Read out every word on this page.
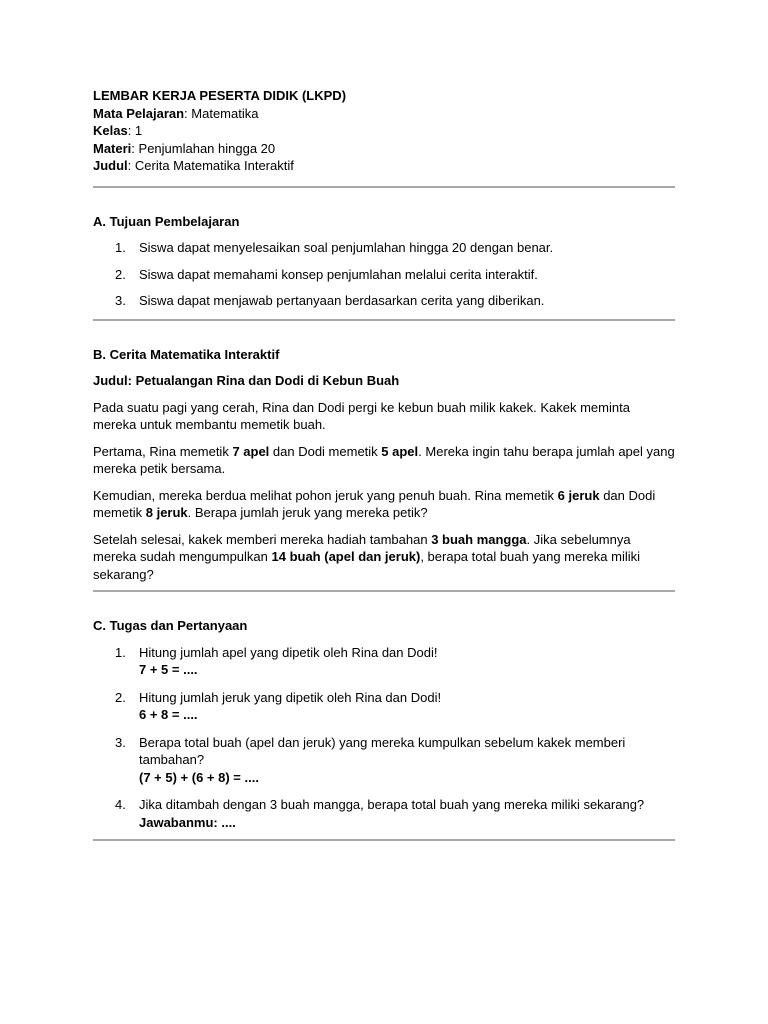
LEMBAR KERJA PESERTA DIDIK (LKPD)

Mata Pelajaran: Matematika

Kelas: 1

Materi: Penjumlahan hingga 20

Judul: Cerita Matematika Interaktif

A. Tujuan Pembelajaran

1. Siswa dapat menyelesaikan soal penjumlahan hingga 20 dengan benar.
2. Siswa dapat memahami konsep penjumlahan melalui cerita interaktif.
3. Siswa dapat menjawab pertanyaan berdasarkan cerita yang diberikan.

B. Cerita Matematika Interaktif

Judul: Petualangan Rina dan Dodi di Kebun Buah

Pada suatu pagi yang cerah, Rina dan Dodi pergi ke kebun buah milik kakek. Kakek meminta mereka untuk membantu memetik buah.

Pertama, Rina memetik 7 apel dan Dodi memetik 5 apel. Mereka ingin tahu berapa jumlah apel yang mereka petik bersama.

Kemudian, mereka berdua melihat pohon jeruk yang penuh buah. Rina memetik 6 jeruk dan Dodi memetik 8 jeruk. Berapa jumlah jeruk yang mereka petik?

Setelah selesai, kakek memberi mereka hadiah tambahan 3 buah mangga. Jika sebelumnya mereka sudah mengumpulkan 14 buah (apel dan jeruk), berapa total buah yang mereka miliki sekarang?

C. Tugas dan Pertanyaan

1. Hitung jumlah apel yang dipetik oleh Rina dan Dodi!
7 + 5 = ....
2. Hitung jumlah jeruk yang dipetik oleh Rina dan Dodi!
6 + 8 = ....
3. Berapa total buah (apel dan jeruk) yang mereka kumpulkan sebelum kakek memberi tambahan?
(7 + 5) + (6 + 8) = ....
4. Jika ditambah dengan 3 buah mangga, berapa total buah yang mereka miliki sekarang?
Jawabanmu: ....
